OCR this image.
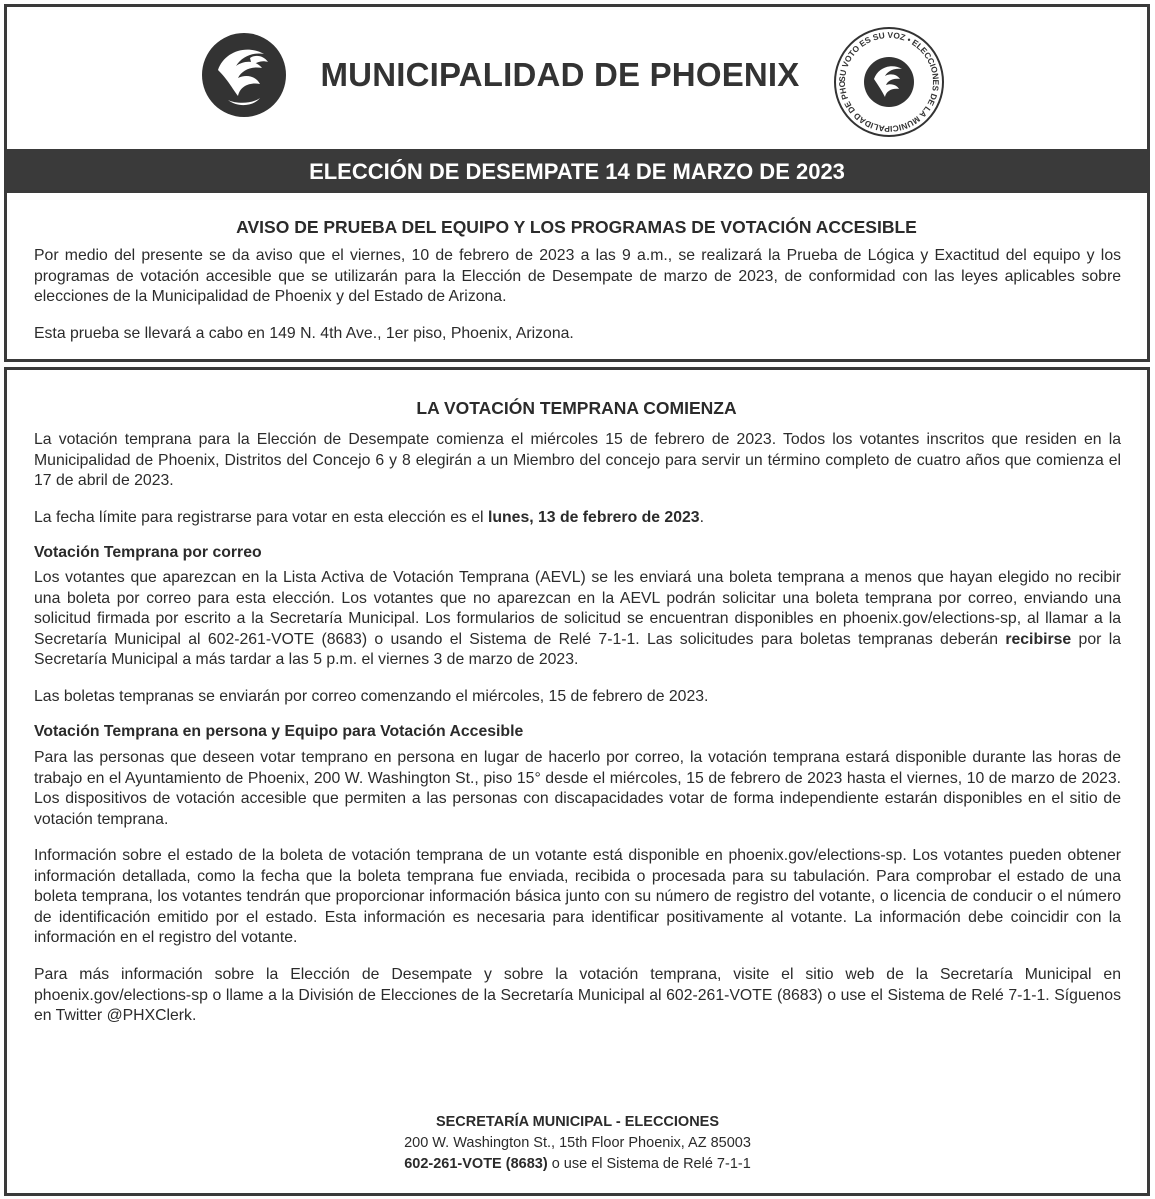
MUNICIPALIDAD DE PHOENIX	SU VOTO ES SU VOZ • ELECCIONES DE LA MUNICIPALIDAD DE PHO
ELECCIÓN DE DESEMPATE 14 DE MARZO DE 2023
AVISO DE PRUEBA DEL EQUIPO Y LOS PROGRAMAS DE VOTACIÓN ACCESIBLE
Por medio del presente se da aviso que el viernes, 10 de febrero de 2023 a las 9 a.m., se realizará la Prueba de Lógica y Exactitud del equipo y los programas de votación accesible que se utilizarán para la Elección de Desempate de marzo de 2023, de conformidad con las leyes aplicables sobre elecciones de la Municipalidad de Phoenix y del Estado de Arizona.
Esta prueba se llevará a cabo en 149 N. 4th Ave., 1er piso, Phoenix, Arizona.
LA VOTACIÓN TEMPRANA COMIENZA
La votación temprana para la Elección de Desempate comienza el miércoles 15 de febrero de 2023. Todos los votantes inscritos que residen en la Municipalidad de Phoenix, Distritos del Concejo 6 y 8 elegirán a un Miembro del concejo para servir un término completo de cuatro años que comienza el 17 de abril de 2023.
La fecha límite para registrarse para votar en esta elección es el lunes, 13 de febrero de 2023.
Votación Temprana por correo
Los votantes que aparezcan en la Lista Activa de Votación Temprana (AEVL) se les enviará una boleta temprana a menos que hayan elegido no recibir una boleta por correo para esta elección. Los votantes que no aparezcan en la AEVL podrán solicitar una boleta temprana por correo, enviando una solicitud firmada por escrito a la Secretaría Municipal. Los formularios de solicitud se encuentran disponibles en phoenix.gov/elections-sp, al llamar a la Secretaría Municipal al 602-261-VOTE (8683) o usando el Sistema de Relé 7-1-1. Las solicitudes para boletas tempranas deberán recibirse por la Secretaría Municipal a más tardar a las 5 p.m. el viernes 3 de marzo de 2023.
Las boletas tempranas se enviarán por correo comenzando el miércoles, 15 de febrero de 2023.
Votación Temprana en persona y Equipo para Votación Accesible
Para las personas que deseen votar temprano en persona en lugar de hacerlo por correo, la votación temprana estará disponible durante las horas de trabajo en el Ayuntamiento de Phoenix, 200 W. Washington St., piso 15° desde el miércoles, 15 de febrero de 2023 hasta el viernes, 10 de marzo de 2023. Los dispositivos de votación accesible que permiten a las personas con discapacidades votar de forma independiente estarán disponibles en el sitio de votación temprana.
Información sobre el estado de la boleta de votación temprana de un votante está disponible en phoenix.gov/elections-sp. Los votantes pueden obtener información detallada, como la fecha que la boleta temprana fue enviada, recibida o procesada para su tabulación. Para comprobar el estado de una boleta temprana, los votantes tendrán que proporcionar información básica junto con su número de registro del votante, o licencia de conducir o el número de identificación emitido por el estado. Esta información es necesaria para identificar positivamente al votante. La información debe coincidir con la información en el registro del votante.
Para más información sobre la Elección de Desempate y sobre la votación temprana, visite el sitio web de la Secretaría Municipal en phoenix.gov/elections-sp o llame a la División de Elecciones de la Secretaría Municipal al 602-261-VOTE (8683) o use el Sistema de Relé 7-1-1. Síguenos en Twitter @PHXClerk.
SECRETARÍA MUNICIPAL - ELECCIONES
200 W. Washington St., 15th Floor Phoenix, AZ 85003
602-261-VOTE (8683) o use el Sistema de Relé 7-1-1
